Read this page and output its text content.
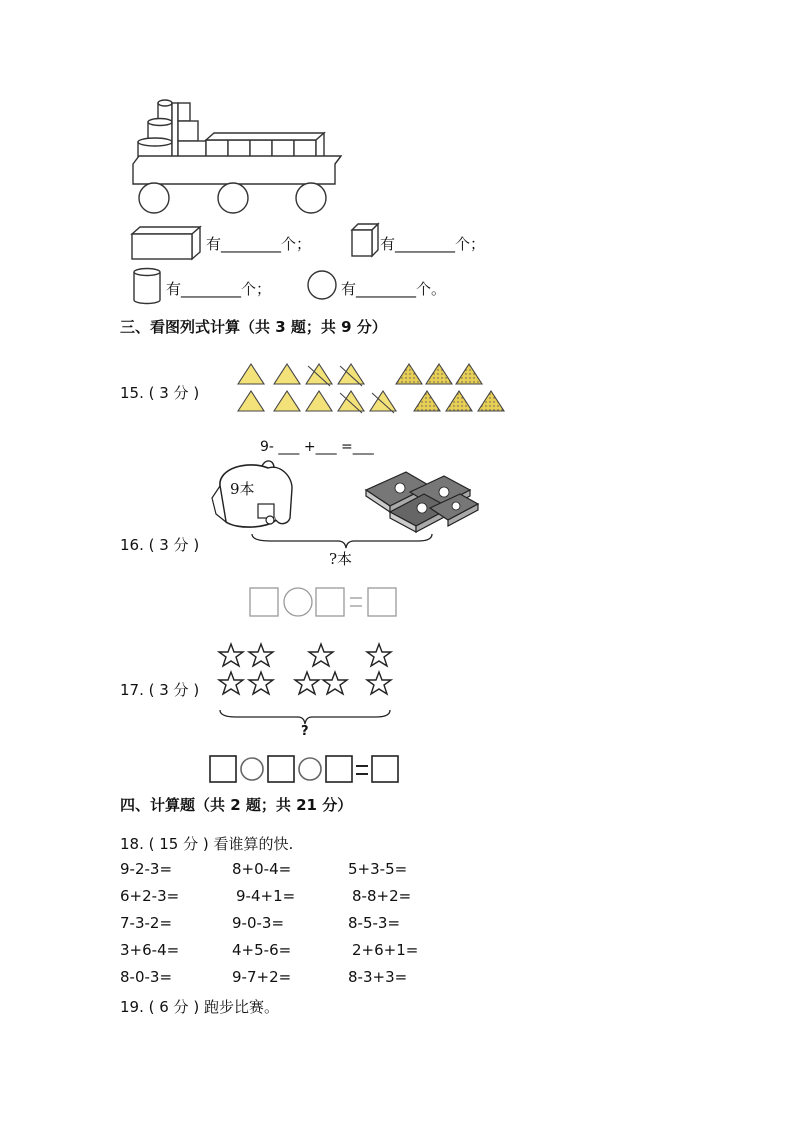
有________个；	有________个；
有________个；	有________个。
三、看图列式计算（共 3 题；共 9 分）
15. ( 3 分 )
9- ___ +___ =___
9本
?本
16. ( 3 分 )
17. ( 3 分 )
?
四、计算题（共 2 题；共 21 分）
18. ( 15 分 ) 看谁算的快.
9-2-3=	8+0-4=	5+3-5=
6+2-3=	9-4+1=	8-8+2=
7-3-2=	9-0-3=	8-5-3=
3+6-4=	4+5-6=	2+6+1=
8-0-3=	9-7+2=	8-3+3=
19. ( 6 分 ) 跑步比赛。
